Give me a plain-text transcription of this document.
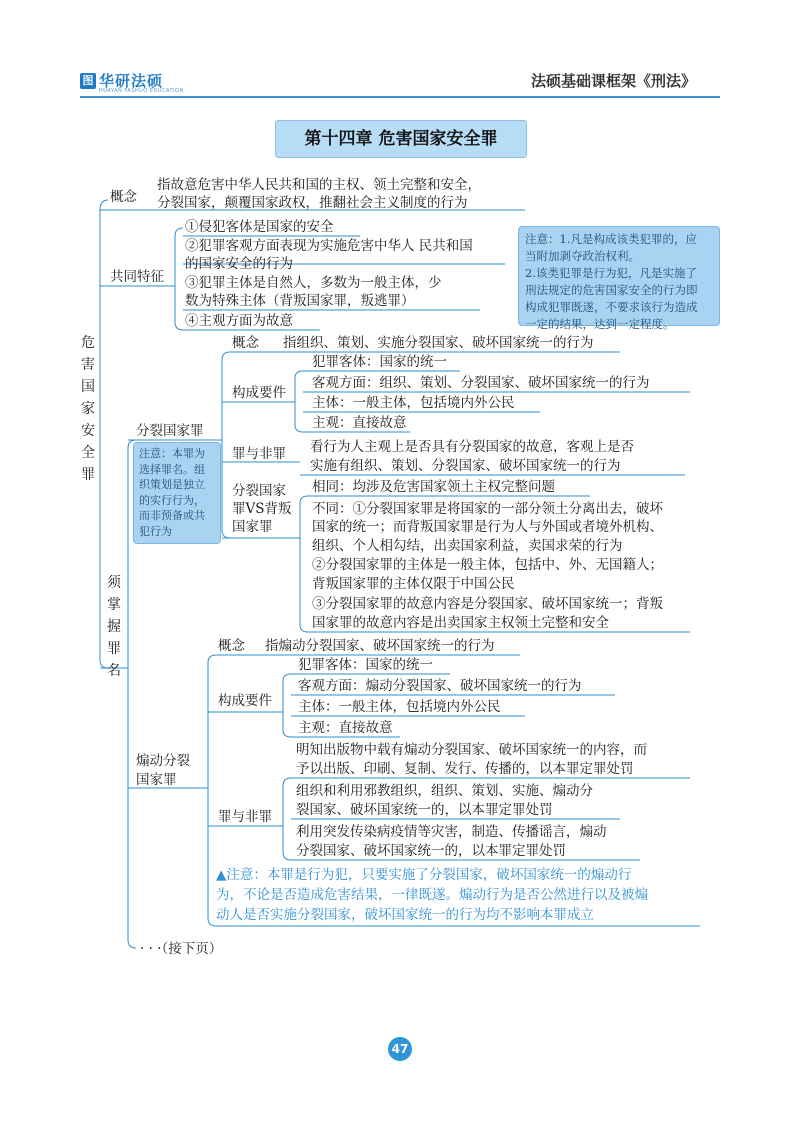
图 华研法硕
HUAYAN FASHUO EDUCATION
法硕基础课框架《刑法》
第十四章 危害国家安全罪
危
害
国
家
安
全
罪
概念
指故意危害中华人民共和国的主权、领土完整和安全，
分裂国家，颠覆国家政权，推翻社会主义制度的行为
共同特征
①侵犯客体是国家的安全
②犯罪客观方面表现为实施危害中华人 民共和国
的国家安全的行为
③犯罪主体是自然人，多数为一般主体，少
数为特殊主体（背叛国家罪，叛逃罪）
④主观方面为故意
注意：1.凡是构成该类犯罪的，应
当附加剥夺政治权利。
2.该类犯罪是行为犯，凡是实施了
刑法规定的危害国家安全的行为即
构成犯罪既遂，不要求该行为造成
一定的结果，达到一定程度。
须
掌
握
罪
名
分裂国家罪
注意：本罪为
选择罪名。组
织策划是独立
的实行行为，
而非预备或共
犯行为
概念 指组织、策划、实施分裂国家、破坏国家统一的行为
构成要件
犯罪客体：国家的统一
客观方面：组织、策划、分裂国家、破坏国家统一的行为
主体：一般主体，包括境内外公民
主观：直接故意
罪与非罪 看行为人主观上是否具有分裂国家的故意，客观上是否
实施有组织、策划、分裂国家、破坏国家统一的行为
分裂国家
罪VS背叛
国家罪
相同：均涉及危害国家领土主权完整问题
不同：①分裂国家罪是将国家的一部分领土分离出去，破坏
国家的统一；而背叛国家罪是行为人与外国或者境外机构、
组织、个人相勾结，出卖国家利益，卖国求荣的行为
②分裂国家罪的主体是一般主体，包括中、外、无国籍人；
背叛国家罪的主体仅限于中国公民
③分裂国家罪的故意内容是分裂国家、破坏国家统一；背叛
国家罪的故意内容是出卖国家主权领土完整和安全
煽动分裂
国家罪
概念 指煽动分裂国家、破坏国家统一的行为
构成要件
犯罪客体：国家的统一
客观方面：煽动分裂国家、破坏国家统一的行为
主体：一般主体，包括境内外公民
主观：直接故意
罪与非罪
明知出版物中载有煽动分裂国家、破坏国家统一的内容，而
予以出版、印刷、复制、发行、传播的，以本罪定罪处罚
组织和利用邪教组织，组织、策划、实施、煽动分
裂国家、破坏国家统一的，以本罪定罪处罚
利用突发传染病疫情等灾害，制造、传播谣言，煽动
分裂国家、破坏国家统一的，以本罪定罪处罚
▲注意：本罪是行为犯，只要实施了分裂国家，破坏国家统一的煽动行
为，不论是否造成危害结果，一律既遂。煽动行为是否公然进行以及被煽
动人是否实施分裂国家，破坏国家统一的行为均不影响本罪成立
· · ·（接下页）
47
